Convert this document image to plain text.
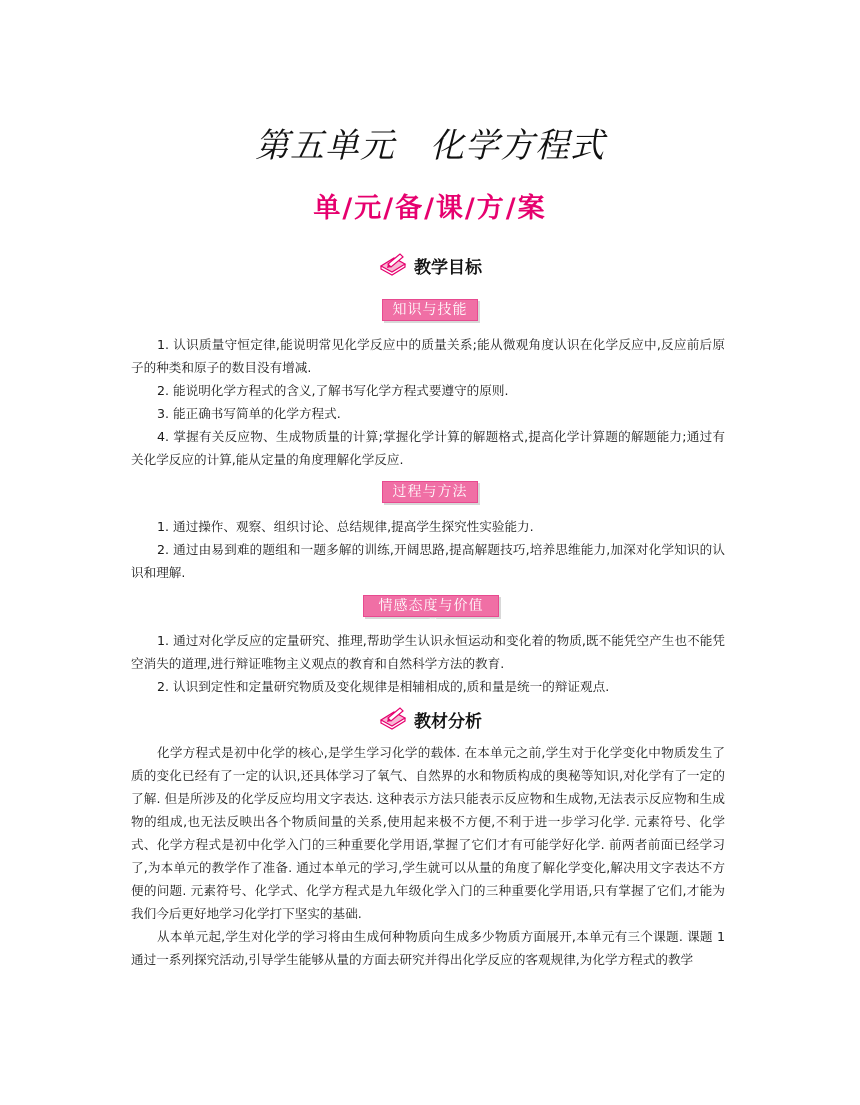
第五单元　化学方程式
单/元/备/课/方/案
教学目标
知识与技能
1. 认识质量守恒定律,能说明常见化学反应中的质量关系;能从微观角度认识在化学反应中,反应前后原子的种类和原子的数目没有增减.
2. 能说明化学方程式的含义,了解书写化学方程式要遵守的原则.
3. 能正确书写简单的化学方程式.
4. 掌握有关反应物、生成物质量的计算;掌握化学计算的解题格式,提高化学计算题的解题能力;通过有关化学反应的计算,能从定量的角度理解化学反应.
过程与方法
1. 通过操作、观察、组织讨论、总结规律,提高学生探究性实验能力.
2. 通过由易到难的题组和一题多解的训练,开阔思路,提高解题技巧,培养思维能力,加深对化学知识的认识和理解.
情感态度与价值观
1. 通过对化学反应的定量研究、推理,帮助学生认识永恒运动和变化着的物质,既不能凭空产生也不能凭空消失的道理,进行辩证唯物主义观点的教育和自然科学方法的教育.
2. 认识到定性和定量研究物质及变化规律是相辅相成的,质和量是统一的辩证观点.
教材分析
化学方程式是初中化学的核心,是学生学习化学的载体. 在本单元之前,学生对于化学变化中物质发生了质的变化已经有了一定的认识,还具体学习了氧气、自然界的水和物质构成的奥秘等知识,对化学有了一定的了解. 但是所涉及的化学反应均用文字表达. 这种表示方法只能表示反应物和生成物,无法表示反应物和生成物的组成,也无法反映出各个物质间量的关系,使用起来极不方便,不利于进一步学习化学. 元素符号、化学式、化学方程式是初中化学入门的三种重要化学用语,掌握了它们才有可能学好化学. 前两者前面已经学习了,为本单元的教学作了准备. 通过本单元的学习,学生就可以从量的角度了解化学变化,解决用文字表达不方便的问题. 元素符号、化学式、化学方程式是九年级化学入门的三种重要化学用语,只有掌握了它们,才能为我们今后更好地学习化学打下坚实的基础.
从本单元起,学生对化学的学习将由生成何种物质向生成多少物质方面展开,本单元有三个课题. 课题 1 通过一系列探究活动,引导学生能够从量的方面去研究并得出化学反应的客观规律,为化学方程式的教学
